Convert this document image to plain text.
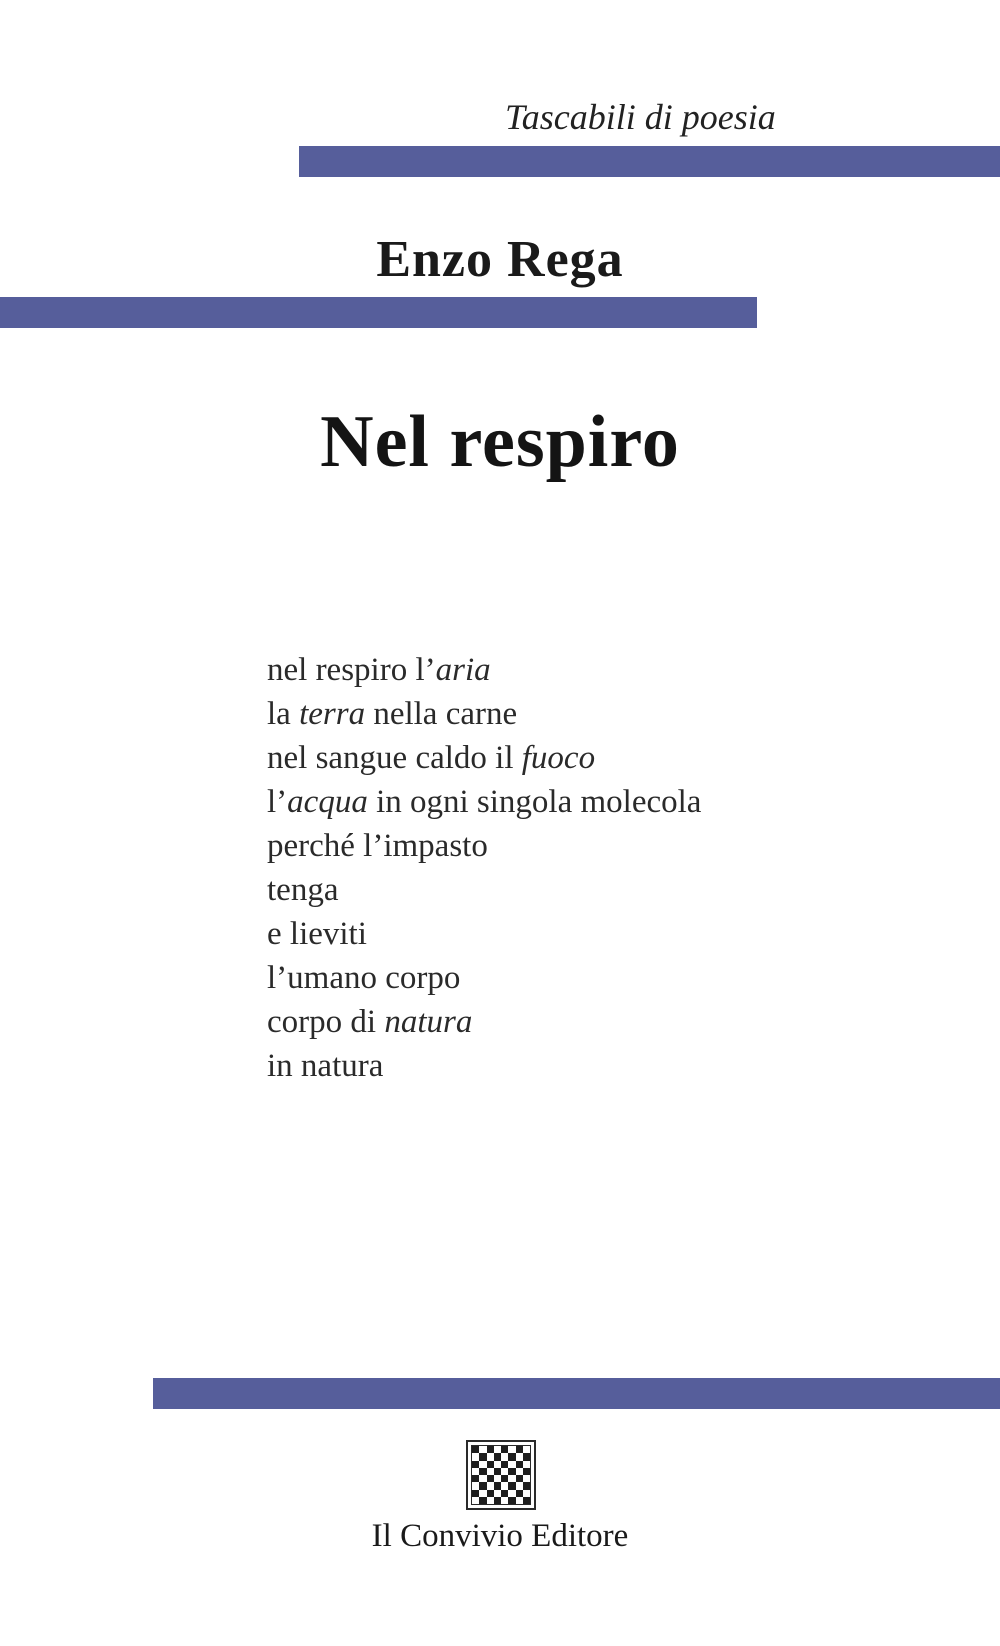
Tascabili di poesia
Enzo Rega
Nel respiro
nel respiro l’aria
la terra nella carne
nel sangue caldo il fuoco
l’acqua in ogni singola molecola
perché l’impasto
tenga
e lieviti
l’umano corpo
corpo di natura
in natura
Il Convivio Editore
